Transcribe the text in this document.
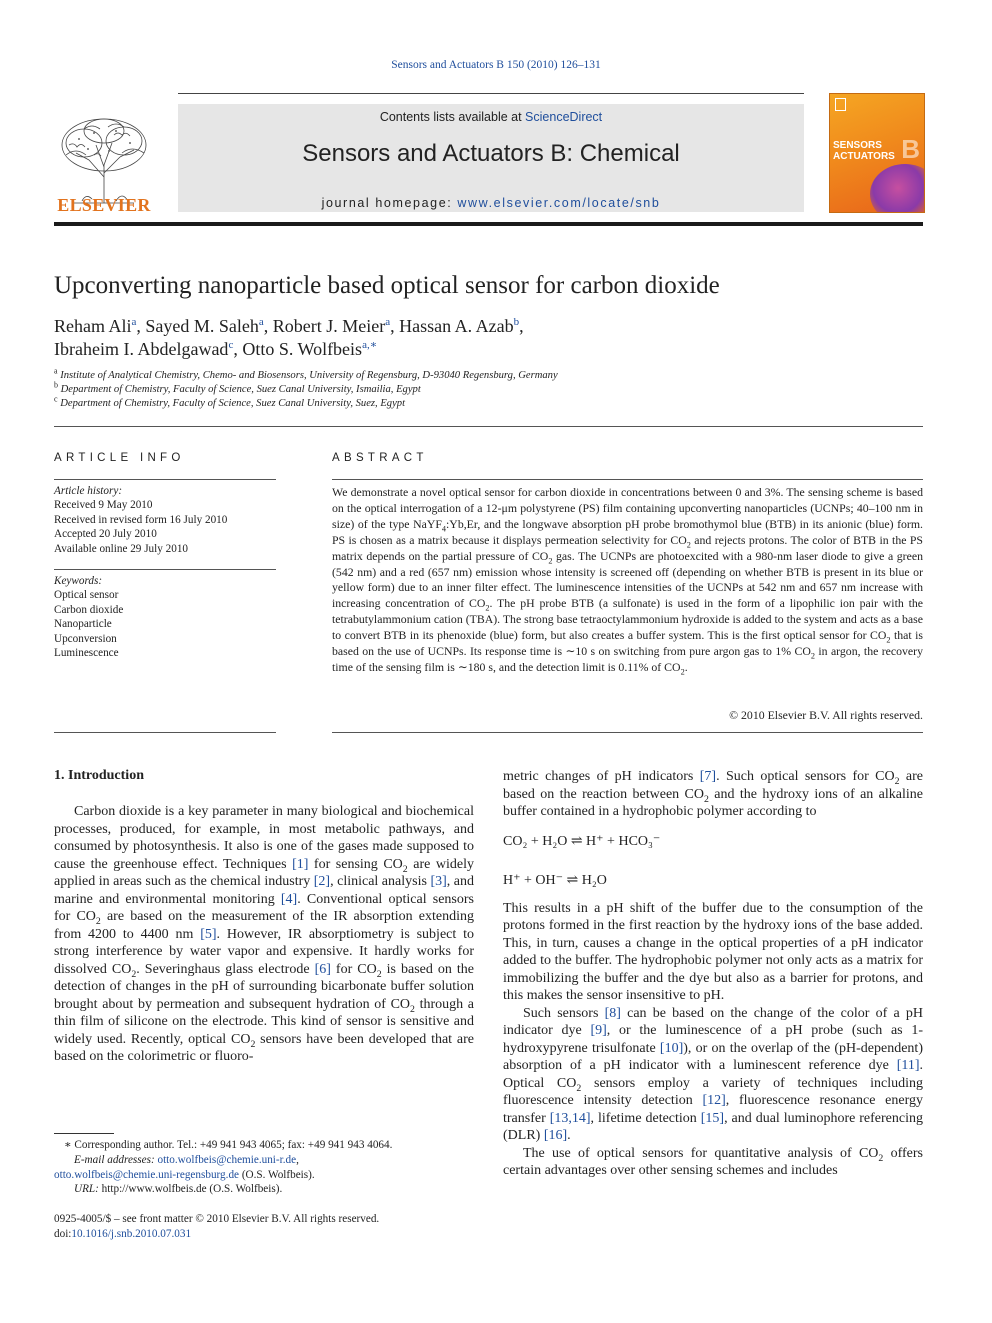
Sensors and Actuators B 150 (2010) 126–131
ELSEVIER
Contents lists available at ScienceDirect
Sensors and Actuators B: Chemical
journal homepage: www.elsevier.com/locate/snb
SENSORS
ACTUATORS B
Upconverting nanoparticle based optical sensor for carbon dioxide
Reham Ali$^a$, Sayed M. Saleh$^a$, Robert J. Meier$^a$, Hassan A. Azab$^b$,
Ibraheim I. Abdelgawad$^c$, Otto S. Wolfbeis$^{a,∗}$
$^a$ Institute of Analytical Chemistry, Chemo- and Biosensors, University of Regensburg, D-93040 Regensburg, Germany
$^b$ Department of Chemistry, Faculty of Science, Suez Canal University, Ismailia, Egypt
$^c$ Department of Chemistry, Faculty of Science, Suez Canal University, Suez, Egypt
ARTICLE INFO
Article history:
Received 9 May 2010
Received in revised form 16 July 2010
Accepted 20 July 2010
Available online 29 July 2010
Keywords:
Optical sensor
Carbon dioxide
Nanoparticle
Upconversion
Luminescence
ABSTRACT
We demonstrate a novel optical sensor for carbon dioxide in concentrations between 0 and 3%. The sensing scheme is based on the optical interrogation of a 12-μm polystyrene (PS) film containing upconverting nanoparticles (UCNPs; 40–100 nm in size) of the type NaYF$_4$:Yb,Er, and the longwave absorption pH probe bromothymol blue (BTB) in its anionic (blue) form. PS is chosen as a matrix because it displays permeation selectivity for $CO_2$ and rejects protons. The color of BTB in the PS matrix depends on the partial pressure of $CO_2$ gas. The UCNPs are photoexcited with a 980-nm laser diode to give a green (542 nm) and a red (657 nm) emission whose intensity is screened off (depending on whether BTB is present in its blue or yellow form) due to an inner filter effect. The luminescence intensities of the UCNPs at 542 nm and 657 nm increase with increasing concentration of $CO_2$. The pH probe BTB (a sulfonate) is used in the form of a lipophilic ion pair with the tetrabutylammonium cation (TBA). The strong base tetraoctylammonium hydroxide is added to the system and acts as a base to convert BTB in its phenoxide (blue) form, but also creates a buffer system. This is the first optical sensor for $CO_2$ that is based on the use of UCNPs. Its response time is ∼10 s on switching from pure argon gas to 1% $CO_2$ in argon, the recovery time of the sensing film is ∼180 s, and the detection limit is 0.11% of $CO_2$.
© 2010 Elsevier B.V. All rights reserved.
1. Introduction

Carbon dioxide is a key parameter in many biological and biochemical processes, produced, for example, in most metabolic pathways, and consumed by photosynthesis. It also is one of the gases made supposed to cause the greenhouse effect. Techniques [1] for sensing $CO_2$ are widely applied in areas such as the chemical industry [2], clinical analysis [3], and marine and environmental monitoring [4]. Conventional optical sensors for $CO_2$ are based on the measurement of the IR absorption extending from 4200 to 4400 nm [5]. However, IR absorptiometry is subject to strong interference by water vapor and expensive. It hardly works for dissolved $CO_2$. Severinghaus glass electrode [6] for $CO_2$ is based on the detection of changes in the pH of surrounding bicarbonate buffer solution brought about by permeation and subsequent hydration of $CO_2$ through a thin film of silicone on the electrode. This kind of sensor is sensitive and widely used. Recently, optical $CO_2$ sensors have been developed that are based on the colorimetric or fluoro-

metric changes of pH indicators [7]. Such optical sensors for $CO_2$ are based on the reaction between $CO_2$ and the hydroxy ions of an alkaline buffer contained in a hydrophobic polymer according to

CO₂ + H₂O ⇌ H⁺ + HCO₃⁻

H⁺ + OH⁻ ⇌ H₂O

This results in a pH shift of the buffer due to the consumption of the protons formed in the first reaction by the hydroxy ions of the base added. This, in turn, causes a change in the optical properties of a pH indicator added to the buffer. The hydrophobic polymer not only acts as a matrix for immobilizing the buffer and the dye but also as a barrier for protons, and this makes the sensor insensitive to pH.

Such sensors [8] can be based on the change of the color of a pH indicator dye [9], or the luminescence of a pH probe (such as 1-hydroxypyrene trisulfonate [10]), or on the overlap of the (pH-dependent) absorption of a pH indicator with a luminescent reference dye [11]. Optical $CO_2$ sensors employ a variety of techniques including fluorescence intensity detection [12], fluorescence resonance energy transfer [13,14], lifetime detection [15], and dual luminophore referencing (DLR) [16].

The use of optical sensors for quantitative analysis of $CO_2$ offers certain advantages over other sensing schemes and includes

∗ Corresponding author. Tel.: +49 941 943 4065; fax: +49 941 943 4064.
E-mail addresses: otto.wolfbeis@chemie.uni-r.de,
otto.wolfbeis@chemie.uni-regensburg.de (O.S. Wolfbeis).
URL: http://www.wolfbeis.de (O.S. Wolfbeis).
0925-4005/$ – see front matter © 2010 Elsevier B.V. All rights reserved.
doi:10.1016/j.snb.2010.07.031
